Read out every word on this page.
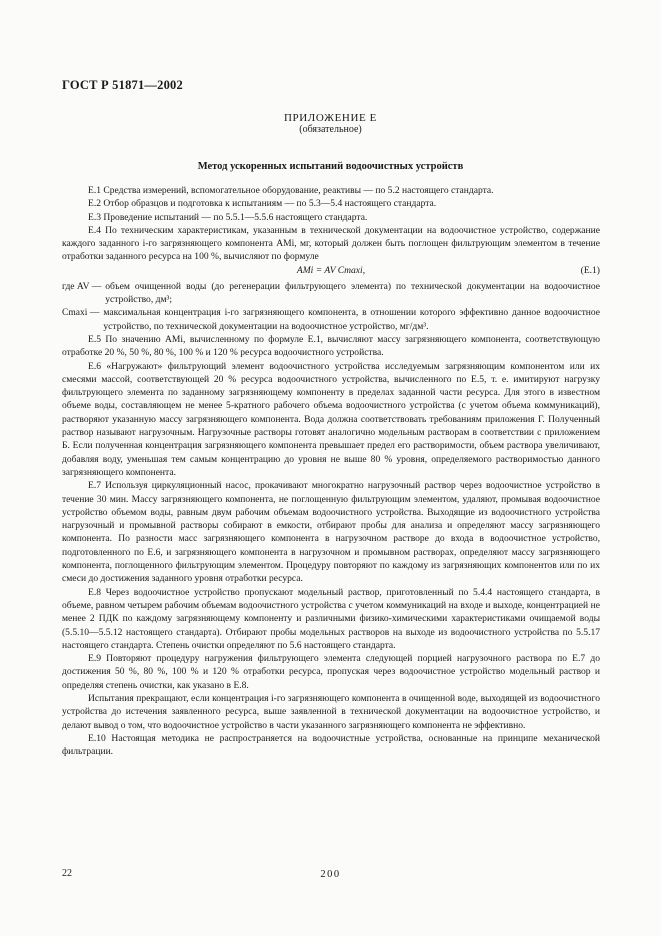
ГОСТ Р 51871—2002
ПРИЛОЖЕНИЕ Е
(обязательное)
Метод ускоренных испытаний водоочистных устройств

Е.1 Средства измерений, вспомогательное оборудование, реактивы — по 5.2 настоящего стандарта.

Е.2 Отбор образцов и подготовка к испытаниям — по 5.3—5.4 настоящего стандарта.

Е.3 Проведение испытаний — по 5.5.1—5.5.6 настоящего стандарта.

Е.4 По техническим характеристикам, указанным в технической документации на водоочистное устройство, содержание каждого заданного i-го загрязняющего компонента AMi, мг, который должен быть поглощен фильтрующим элементом в течение отработки заданного ресурса на 100 %, вычисляют по формуле

AMi = AV Cmaxi,	(Е.1)
где AV — объем очищенной воды (до регенерации фильтрующего элемента) по технической документации на водоочистное устройство, дм³;
Cmaxi — максимальная концентрация i-го загрязняющего компонента, в отношении которого эффективно данное водоочистное устройство, по технической документации на водоочистное устройство, мг/дм³.

Е.5 По значению AMi, вычисленному по формуле Е.1, вычисляют массу загрязняющего компонента, соответствующую отработке 20 %, 50 %, 80 %, 100 % и 120 % ресурса водоочистного устройства.

Е.6 «Нагружают» фильтрующий элемент водоочистного устройства исследуемым загрязняющим компонентом или их смесями массой, соответствующей 20 % ресурса водоочистного устройства, вычисленного по Е.5, т. е. имитируют нагрузку фильтрующего элемента по заданному загрязняющему компоненту в пределах заданной части ресурса. Для этого в известном объеме воды, составляющем не менее 5-кратного рабочего объема водоочистного устройства (с учетом объема коммуникаций), растворяют указанную массу загрязняющего компонента. Вода должна соответствовать требованиям приложения Г. Полученный раствор называют нагрузочным. Нагрузочные растворы готовят аналогично модельным растворам в соответствии с приложением Б. Если полученная концентрация загрязняющего компонента превышает предел его растворимости, объем раствора увеличивают, добавляя воду, уменьшая тем самым концентрацию до уровня не выше 80 % уровня, определяемого растворимостью данного загрязняющего компонента.

Е.7 Используя циркуляционный насос, прокачивают многократно нагрузочный раствор через водоочистное устройство в течение 30 мин. Массу загрязняющего компонента, не поглощенную фильтрующим элементом, удаляют, промывая водоочистное устройство объемом воды, равным двум рабочим объемам водоочистного устройства. Выходящие из водоочистного устройства нагрузочный и промывной растворы собирают в емкости, отбирают пробы для анализа и определяют массу загрязняющего компонента. По разности масс загрязняющего компонента в нагрузочном растворе до входа в водоочистное устройство, подготовленного по Е.6, и загрязняющего компонента в нагрузочном и промывном растворах, определяют массу загрязняющего компонента, поглощенного фильтрующим элементом. Процедуру повторяют по каждому из загрязняющих компонентов или по их смеси до достижения заданного уровня отработки ресурса.

Е.8 Через водоочистное устройство пропускают модельный раствор, приготовленный по 5.4.4 настоящего стандарта, в объеме, равном четырем рабочим объемам водоочистного устройства с учетом коммуникаций на входе и выходе, концентрацией не менее 2 ПДК по каждому загрязняющему компоненту и различными физико-химическими характеристиками очищаемой воды (5.5.10—5.5.12 настоящего стандарта). Отбирают пробы модельных растворов на выходе из водоочистного устройства по 5.5.17 настоящего стандарта. Степень очистки определяют по 5.6 настоящего стандарта.

Е.9 Повторяют процедуру нагружения фильтрующего элемента следующей порцией нагрузочного раствора по Е.7 до достижения 50 %, 80 %, 100 % и 120 % отработки ресурса, пропуская через водоочистное устройство модельный раствор и определяя степень очистки, как указано в Е.8.

Испытания прекращают, если концентрация i-го загрязняющего компонента в очищенной воде, выходящей из водоочистного устройства до истечения заявленного ресурса, выше заявленной в технической документации на водоочистное устройство, и делают вывод о том, что водоочистное устройство в части указанного загрязняющего компонента не эффективно.

Е.10 Настоящая методика не распространяется на водоочистные устройства, основанные на принципе механической фильтрации.

22	200
